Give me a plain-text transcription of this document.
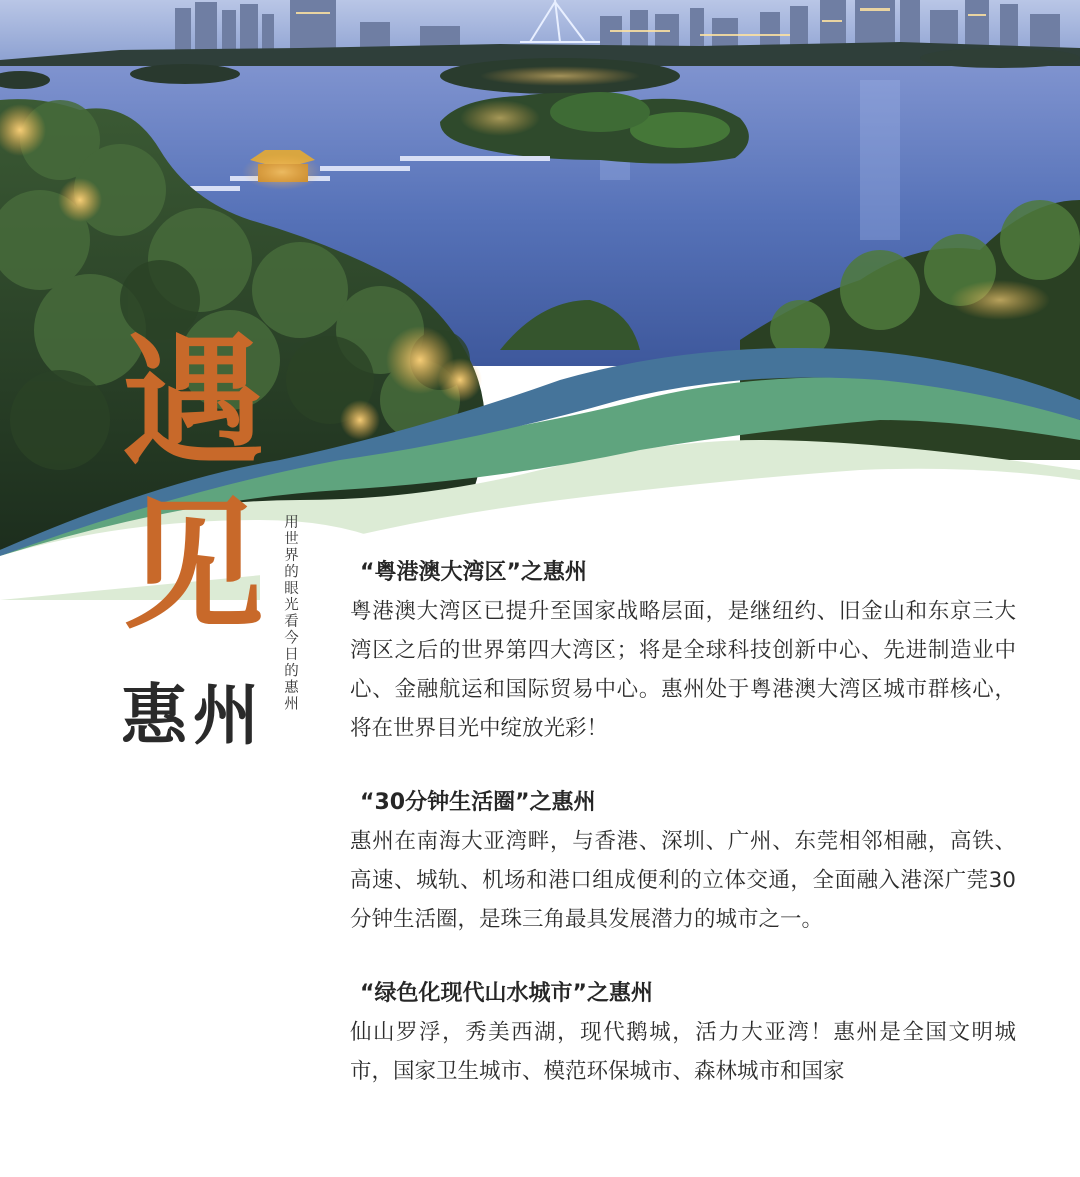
遇
见
惠州
用世界的眼光看今日的惠州	“粤港澳大湾区”之惠州

粤港澳大湾区已提升至国家战略层面，是继纽约、旧金山和东京三大湾区之后的世界第四大湾区；将是全球科技创新中心、先进制造业中心、金融航运和国际贸易中心。惠州处于粤港澳大湾区城市群核心，将在世界目光中绽放光彩！

“30分钟生活圈”之惠州

惠州在南海大亚湾畔，与香港、深圳、广州、东莞相邻相融，高铁、高速、城轨、机场和港口组成便利的立体交通，全面融入港深广莞30分钟生活圈，是珠三角最具发展潜力的城市之一。

“绿色化现代山水城市”之惠州

仙山罗浮，秀美西湖，现代鹅城，活力大亚湾！惠州是全国文明城市，国家卫生城市、模范环保城市、森林城市和国家
